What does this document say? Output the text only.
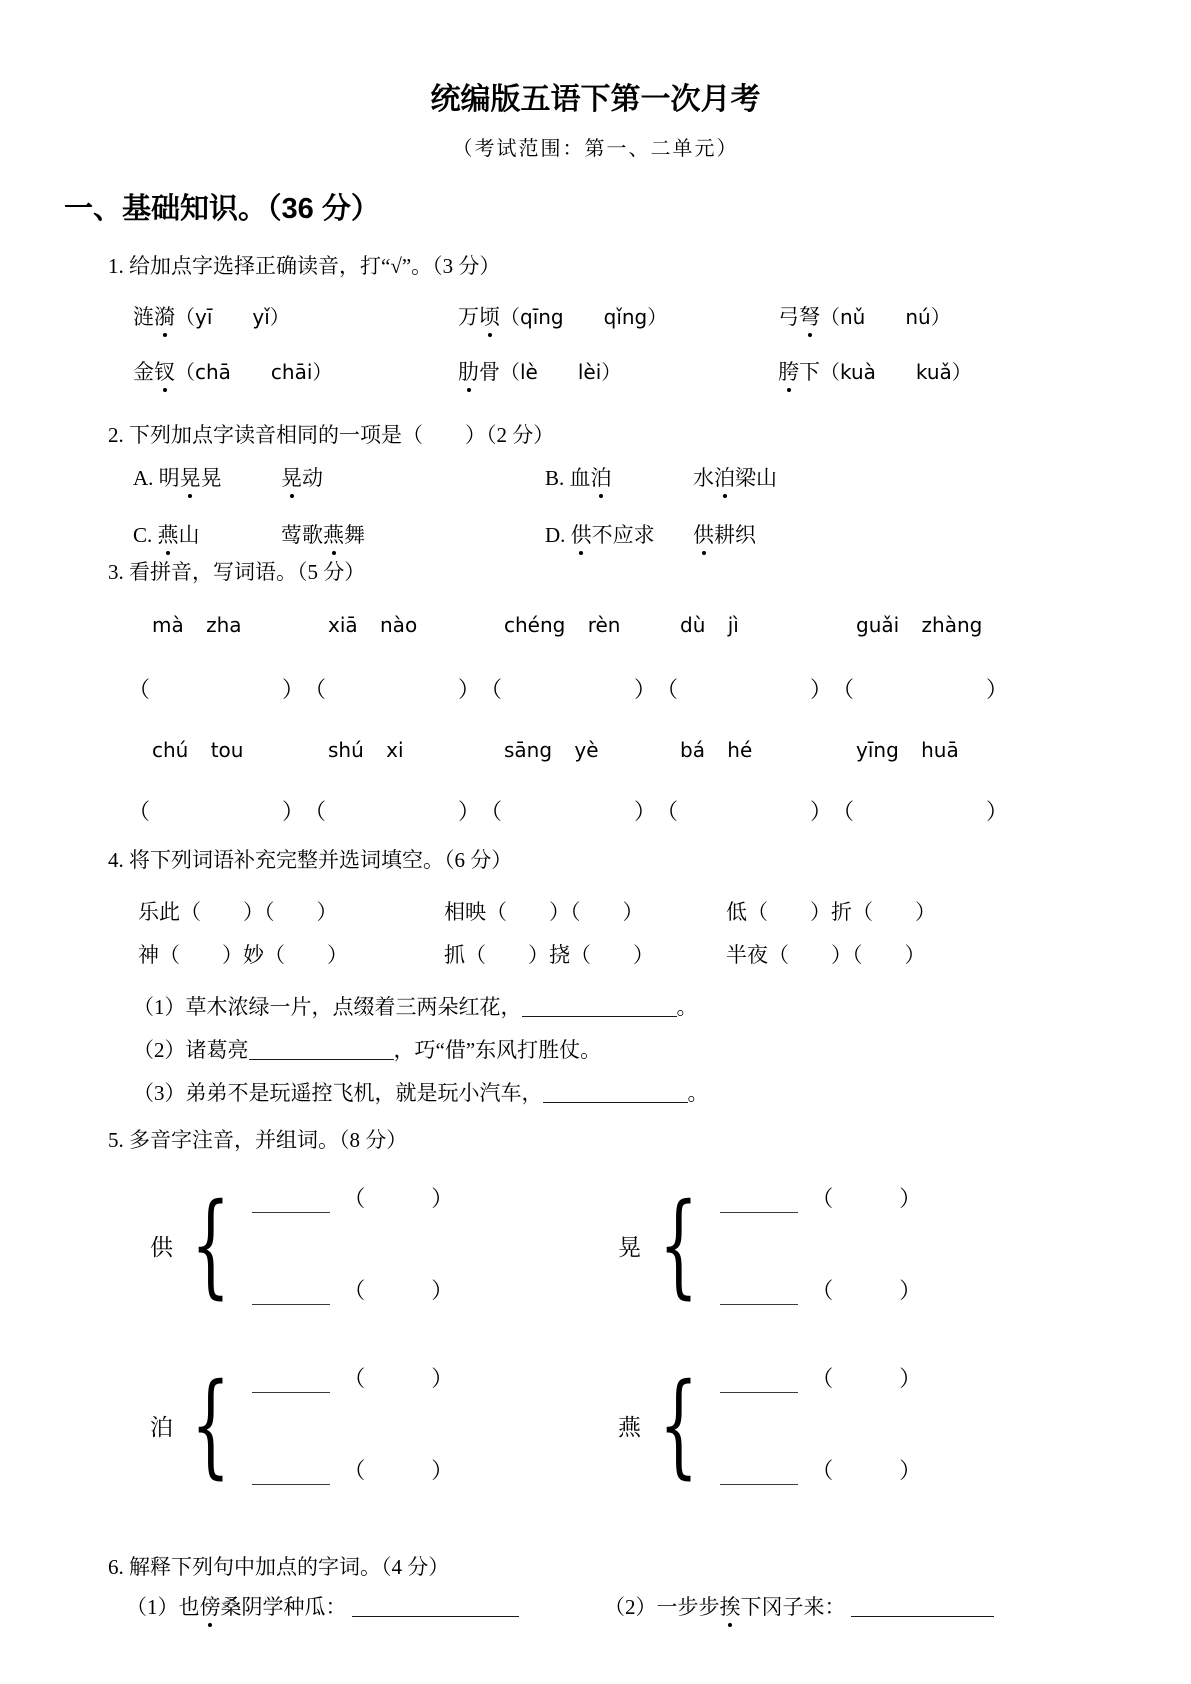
统编版五语下第一次月考
（考试范围：第一、二单元）
一、基础知识。（36 分）
1. 给加点字选择正确读音，打“√”。（3 分）
涟漪（yī　　yǐ）	万顷（qīng　　qǐng）	弓弩（nǔ　　nú）
金钗（chā　　chāi）	肋骨（lè　　lèi）	胯下（kuà　　kuǎ）
2. 下列加点字读音相同的一项是（　　）（2 分）
A. 明晃晃	晃动	B. 血泊	水泊梁山
C. 燕山	莺歌燕舞	D. 供不应求	供耕织
3. 看拼音，写词语。（5 分）
mà zha	xiā nào	chéng rèn	dù jì	guǎi zhàng
（　　　　　　） （　　　　　　） （　　　　　　） （　　　　　　） （　　　　　　）
chú tou	shú xi	sāng yè	bá hé	yīng huā
（　　　　　　） （　　　　　　） （　　　　　　） （　　　　　　） （　　　　　　）
4. 将下列词语补充完整并选词填空。（6 分）
乐此（　　）（　　）	相映（　　）（　　）	低（　　）折（　　）
神（　　）妙（　　）	抓（　　）挠（　　）	半夜（　　）（　　）
（1）草木浓绿一片，点缀着三两朵红花，	。
（2）诸葛亮	，巧“借”东风打胜仗。
（3）弟弟不是玩遥控飞机，就是玩小汽车，	。
5. 多音字注音，并组词。（8 分）
供 {	（　　　）
（　　　）
晃 {	（　　　）
（　　　）
泊 {	（　　　）
（　　　）
燕 {	（　　　）
（　　　）
6. 解释下列句中加点的字词。（4 分）
（1）也傍桑阴学种瓜：	（2）一步步挨下冈子来：
